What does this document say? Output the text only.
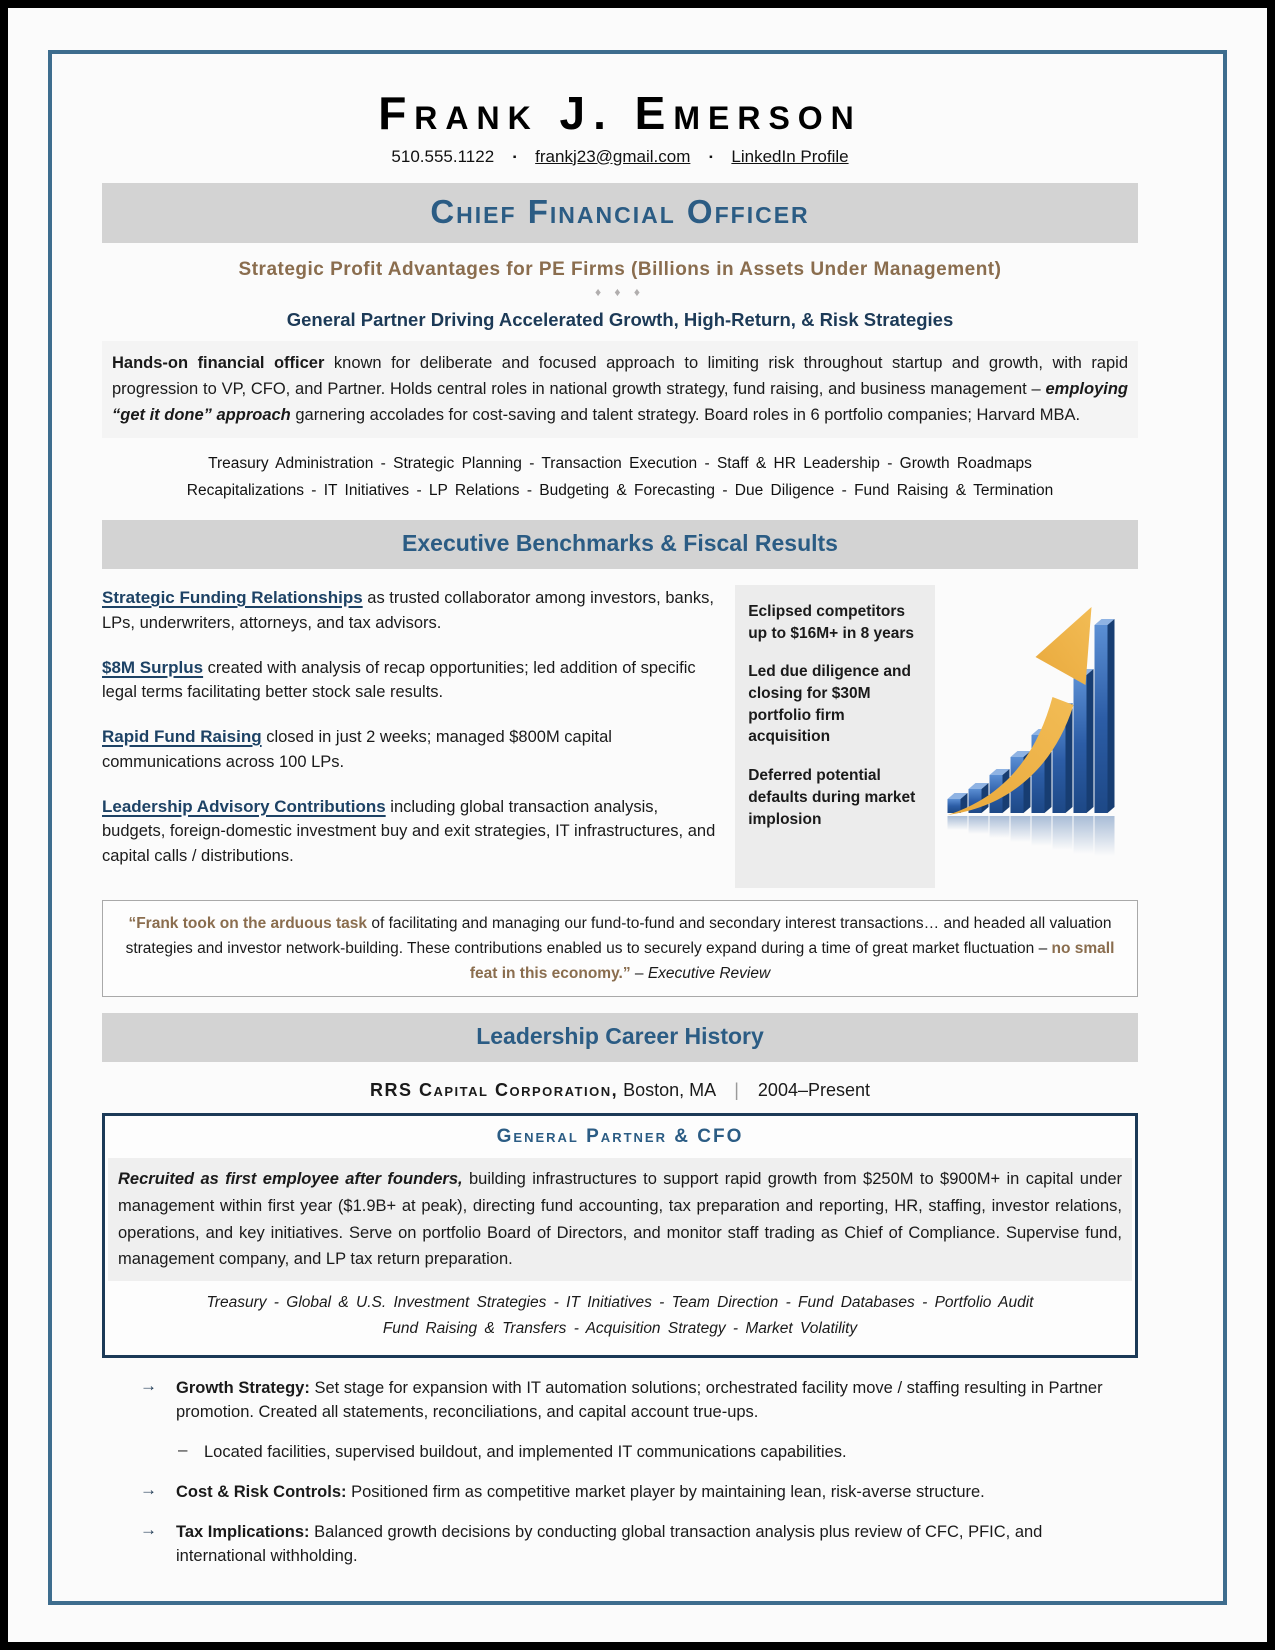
Frank J. Emerson
510.555.1122 ▪ frankj23@gmail.com ▪ LinkedIn Profile
Chief Financial Officer
Strategic Profit Advantages for PE Firms (Billions in Assets Under Management)
♦ ♦ ♦
General Partner Driving Accelerated Growth, High-Return, & Risk Strategies

Hands-on financial officer known for deliberate and focused approach to limiting risk throughout startup and growth, with rapid progression to VP, CFO, and Partner. Holds central roles in national growth strategy, fund raising, and business management – employing “get it done” approach garnering accolades for cost-saving and talent strategy. Board roles in 6 portfolio companies; Harvard MBA.

Treasury Administration - Strategic Planning - Transaction Execution - Staff & HR Leadership - Growth Roadmaps
Recapitalizations - IT Initiatives - LP Relations - Budgeting & Forecasting - Due Diligence - Fund Raising & Termination
Executive Benchmarks & Fiscal Results

Strategic Funding Relationships as trusted collaborator among investors, banks, LPs, underwriters, attorneys, and tax advisors.

$8M Surplus created with analysis of recap opportunities; led addition of specific legal terms facilitating better stock sale results.

Rapid Fund Raising closed in just 2 weeks; managed $800M capital communications across 100 LPs.

Leadership Advisory Contributions including global transaction analysis, budgets, foreign-domestic investment buy and exit strategies, IT infrastructures, and capital calls / distributions.

Eclipsed competitors up to $16M+ in 8 years

Led due diligence and closing for $30M portfolio firm acquisition

Deferred potential defaults during market implosion

“Frank took on the arduous task of facilitating and managing our fund-to-fund and secondary interest transactions… and headed all valuation strategies and investor network-building. These contributions enabled us to securely expand during a time of great market fluctuation – no small feat in this economy.” – Executive Review

Leadership Career History

RRS Capital Corporation, Boston, MA | 2004–Present

General Partner & CFO

Recruited as first employee after founders, building infrastructures to support rapid growth from $250M to $900M+ in capital under management within first year ($1.9B+ at peak), directing fund accounting, tax preparation and reporting, HR, staffing, investor relations, operations, and key initiatives. Serve on portfolio Board of Directors, and monitor staff trading as Chief of Compliance. Supervise fund, management company, and LP tax return preparation.

Treasury - Global & U.S. Investment Strategies - IT Initiatives - Team Direction - Fund Databases - Portfolio Audit
Fund Raising & Transfers - Acquisition Strategy - Market Volatility
→	Growth Strategy: Set stage for expansion with IT automation solutions; orchestrated facility move / staffing resulting in Partner promotion. Created all statements, reconciliations, and capital account true-ups.

–	Located facilities, supervised buildout, and implemented IT communications capabilities.

→	Cost & Risk Controls: Positioned firm as competitive market player by maintaining lean, risk-averse structure.

→	Tax Implications: Balanced growth decisions by conducting global transaction analysis plus review of CFC, PFIC, and international withholding.
